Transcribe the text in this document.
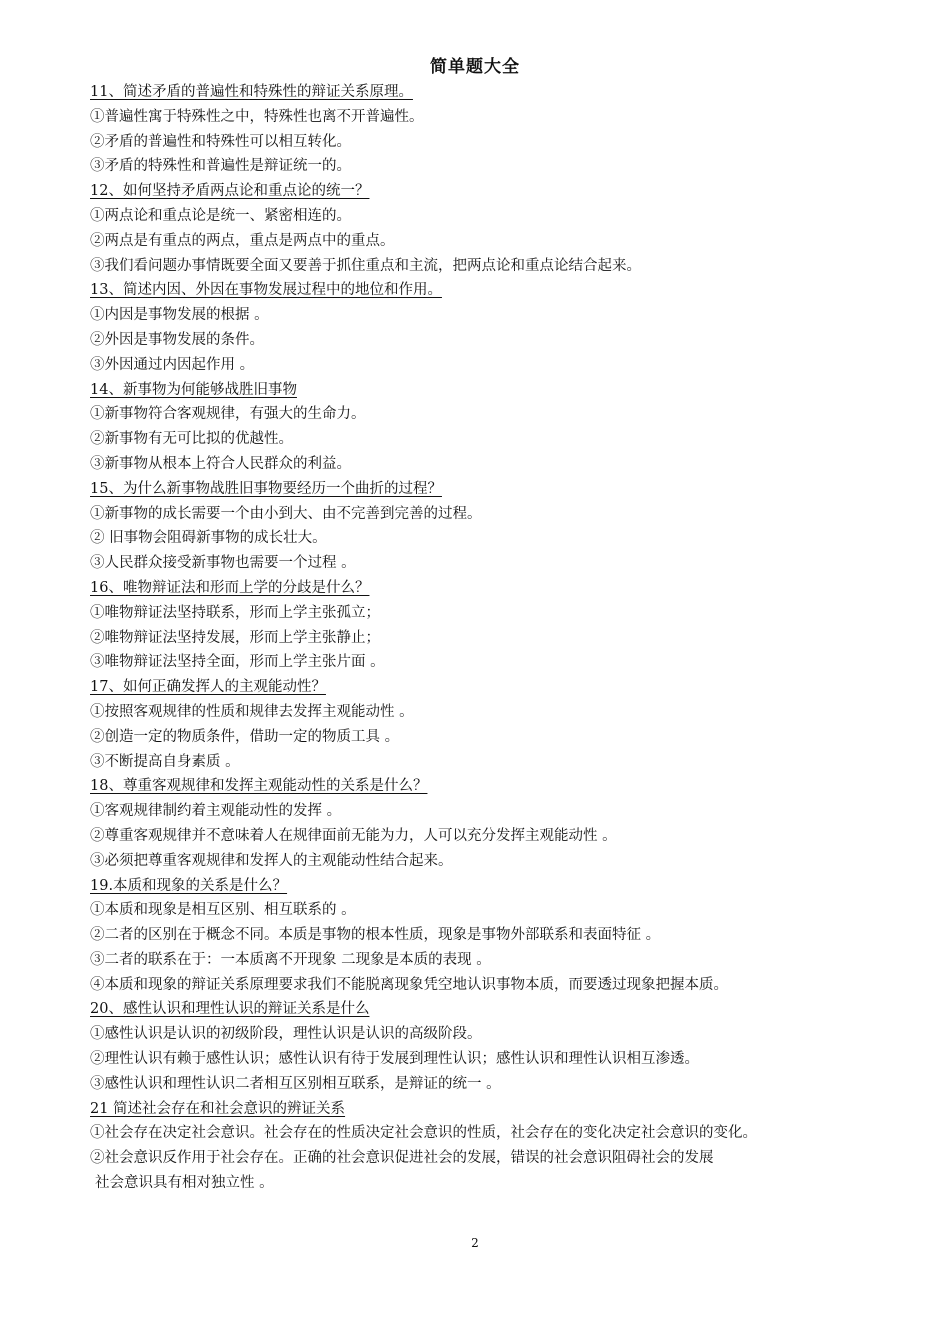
简单题大全
11、简述矛盾的普遍性和特殊性的辩证关系原理。
①普遍性寓于特殊性之中，特殊性也离不开普遍性。
②矛盾的普遍性和特殊性可以相互转化。
③矛盾的特殊性和普遍性是辩证统一的。
12、如何坚持矛盾两点论和重点论的统一？
①两点论和重点论是统一、紧密相连的。
②两点是有重点的两点，重点是两点中的重点。
③我们看问题办事情既要全面又要善于抓住重点和主流，把两点论和重点论结合起来。
13、简述内因、外因在事物发展过程中的地位和作用。
①内因是事物发展的根据 。
②外因是事物发展的条件。
③外因通过内因起作用 。
14、新事物为何能够战胜旧事物
①新事物符合客观规律，有强大的生命力。
②新事物有无可比拟的优越性。
③新事物从根本上符合人民群众的利益。
15、为什么新事物战胜旧事物要经历一个曲折的过程？
①新事物的成长需要一个由小到大、由不完善到完善的过程。
② 旧事物会阻碍新事物的成长壮大。
③人民群众接受新事物也需要一个过程 。
16、唯物辩证法和形而上学的分歧是什么？
①唯物辩证法坚持联系，形而上学主张孤立；
②唯物辩证法坚持发展，形而上学主张静止；
③唯物辩证法坚持全面，形而上学主张片面 。
17、如何正确发挥人的主观能动性？
①按照客观规律的性质和规律去发挥主观能动性 。
②创造一定的物质条件，借助一定的物质工具 。
③不断提高自身素质 。
18、尊重客观规律和发挥主观能动性的关系是什么？
①客观规律制约着主观能动性的发挥 。
②尊重客观规律并不意味着人在规律面前无能为力，人可以充分发挥主观能动性 。
③必须把尊重客观规律和发挥人的主观能动性结合起来。
19.本质和现象的关系是什么？
①本质和现象是相互区别、相互联系的 。
②二者的区别在于概念不同。本质是事物的根本性质，现象是事物外部联系和表面特征 。
③二者的联系在于：一本质离不开现象 二现象是本质的表现 。
④本质和现象的辩证关系原理要求我们不能脱离现象凭空地认识事物本质，而要透过现象把握本质。
20、感性认识和理性认识的辩证关系是什么
①感性认识是认识的初级阶段，理性认识是认识的高级阶段。
②理性认识有赖于感性认识；感性认识有待于发展到理性认识；感性认识和理性认识相互渗透。
③感性认识和理性认识二者相互区别相互联系，是辩证的统一 。
21 简述社会存在和社会意识的辨证关系
①社会存在决定社会意识。社会存在的性质决定社会意识的性质，社会存在的变化决定社会意识的变化。
②社会意识反作用于社会存在。正确的社会意识促进社会的发展，错误的社会意识阻碍社会的发展
社会意识具有相对独立性 。
2
